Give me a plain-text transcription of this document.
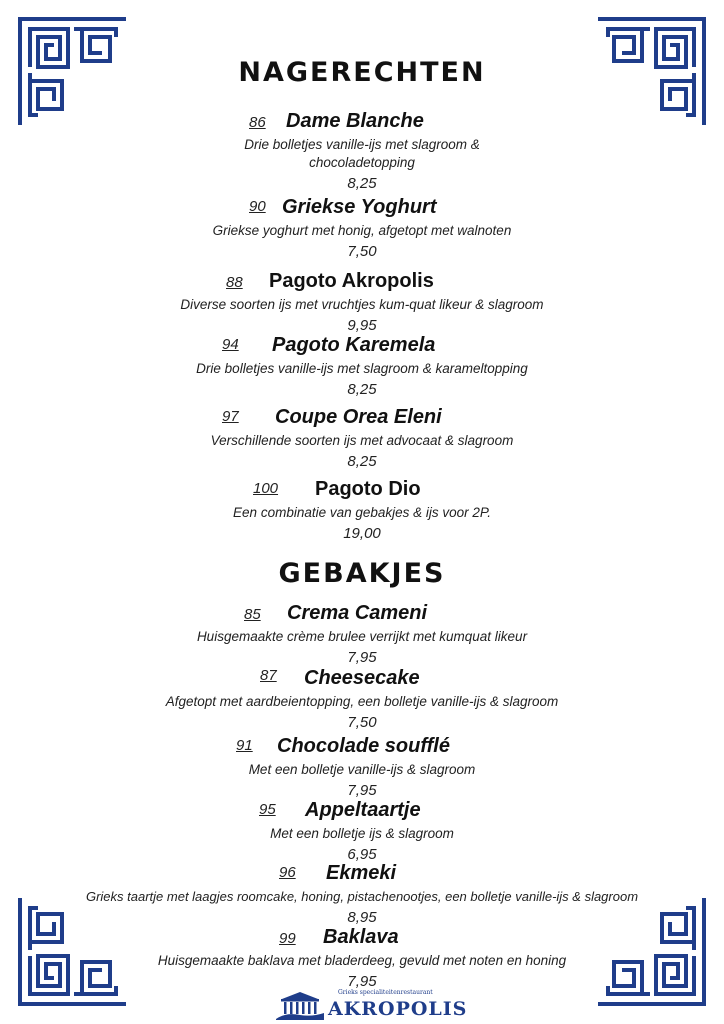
NAGERECHTEN
86 Dame Blanche
Drie bolletjes vanille-ijs met slagroom &
chocoladetopping
8,25
90 Griekse Yoghurt
Griekse yoghurt met honig, afgetopt met walnoten
7,50
88 Pagoto Akropolis
Diverse soorten ijs met vruchtjes kum-quat likeur & slagroom
9,95
94 Pagoto Karemela
Drie bolletjes vanille-ijs met slagroom & karameltopping
8,25
97 Coupe Orea Eleni
Verschillende soorten ijs met advocaat & slagroom
8,25
100 Pagoto Dio
Een combinatie van gebakjes & ijs voor 2P.
19,00
GEBAKJES
85 Crema Cameni
Huisgemaakte crème brulee verrijkt met kumquat likeur
7,95
87 Cheesecake
Afgetopt met aardbeientopping, een bolletje vanille-ijs & slagroom
7,50
91 Chocolade soufflé
Met een bolletje vanille-ijs & slagroom
7,95
95 Appeltaartje
Met een bolletje ijs & slagroom
6,95
96 Ekmeki
Grieks taartje met laagjes roomcake, honing, pistachenootjes, een bolletje vanille-ijs & slagroom
8,95
99 Baklava
Huisgemaakte baklava met bladerdeeg, gevuld met noten en honing
7,95
Grieks specialiteitenrestaurant
AKROPOLIS
